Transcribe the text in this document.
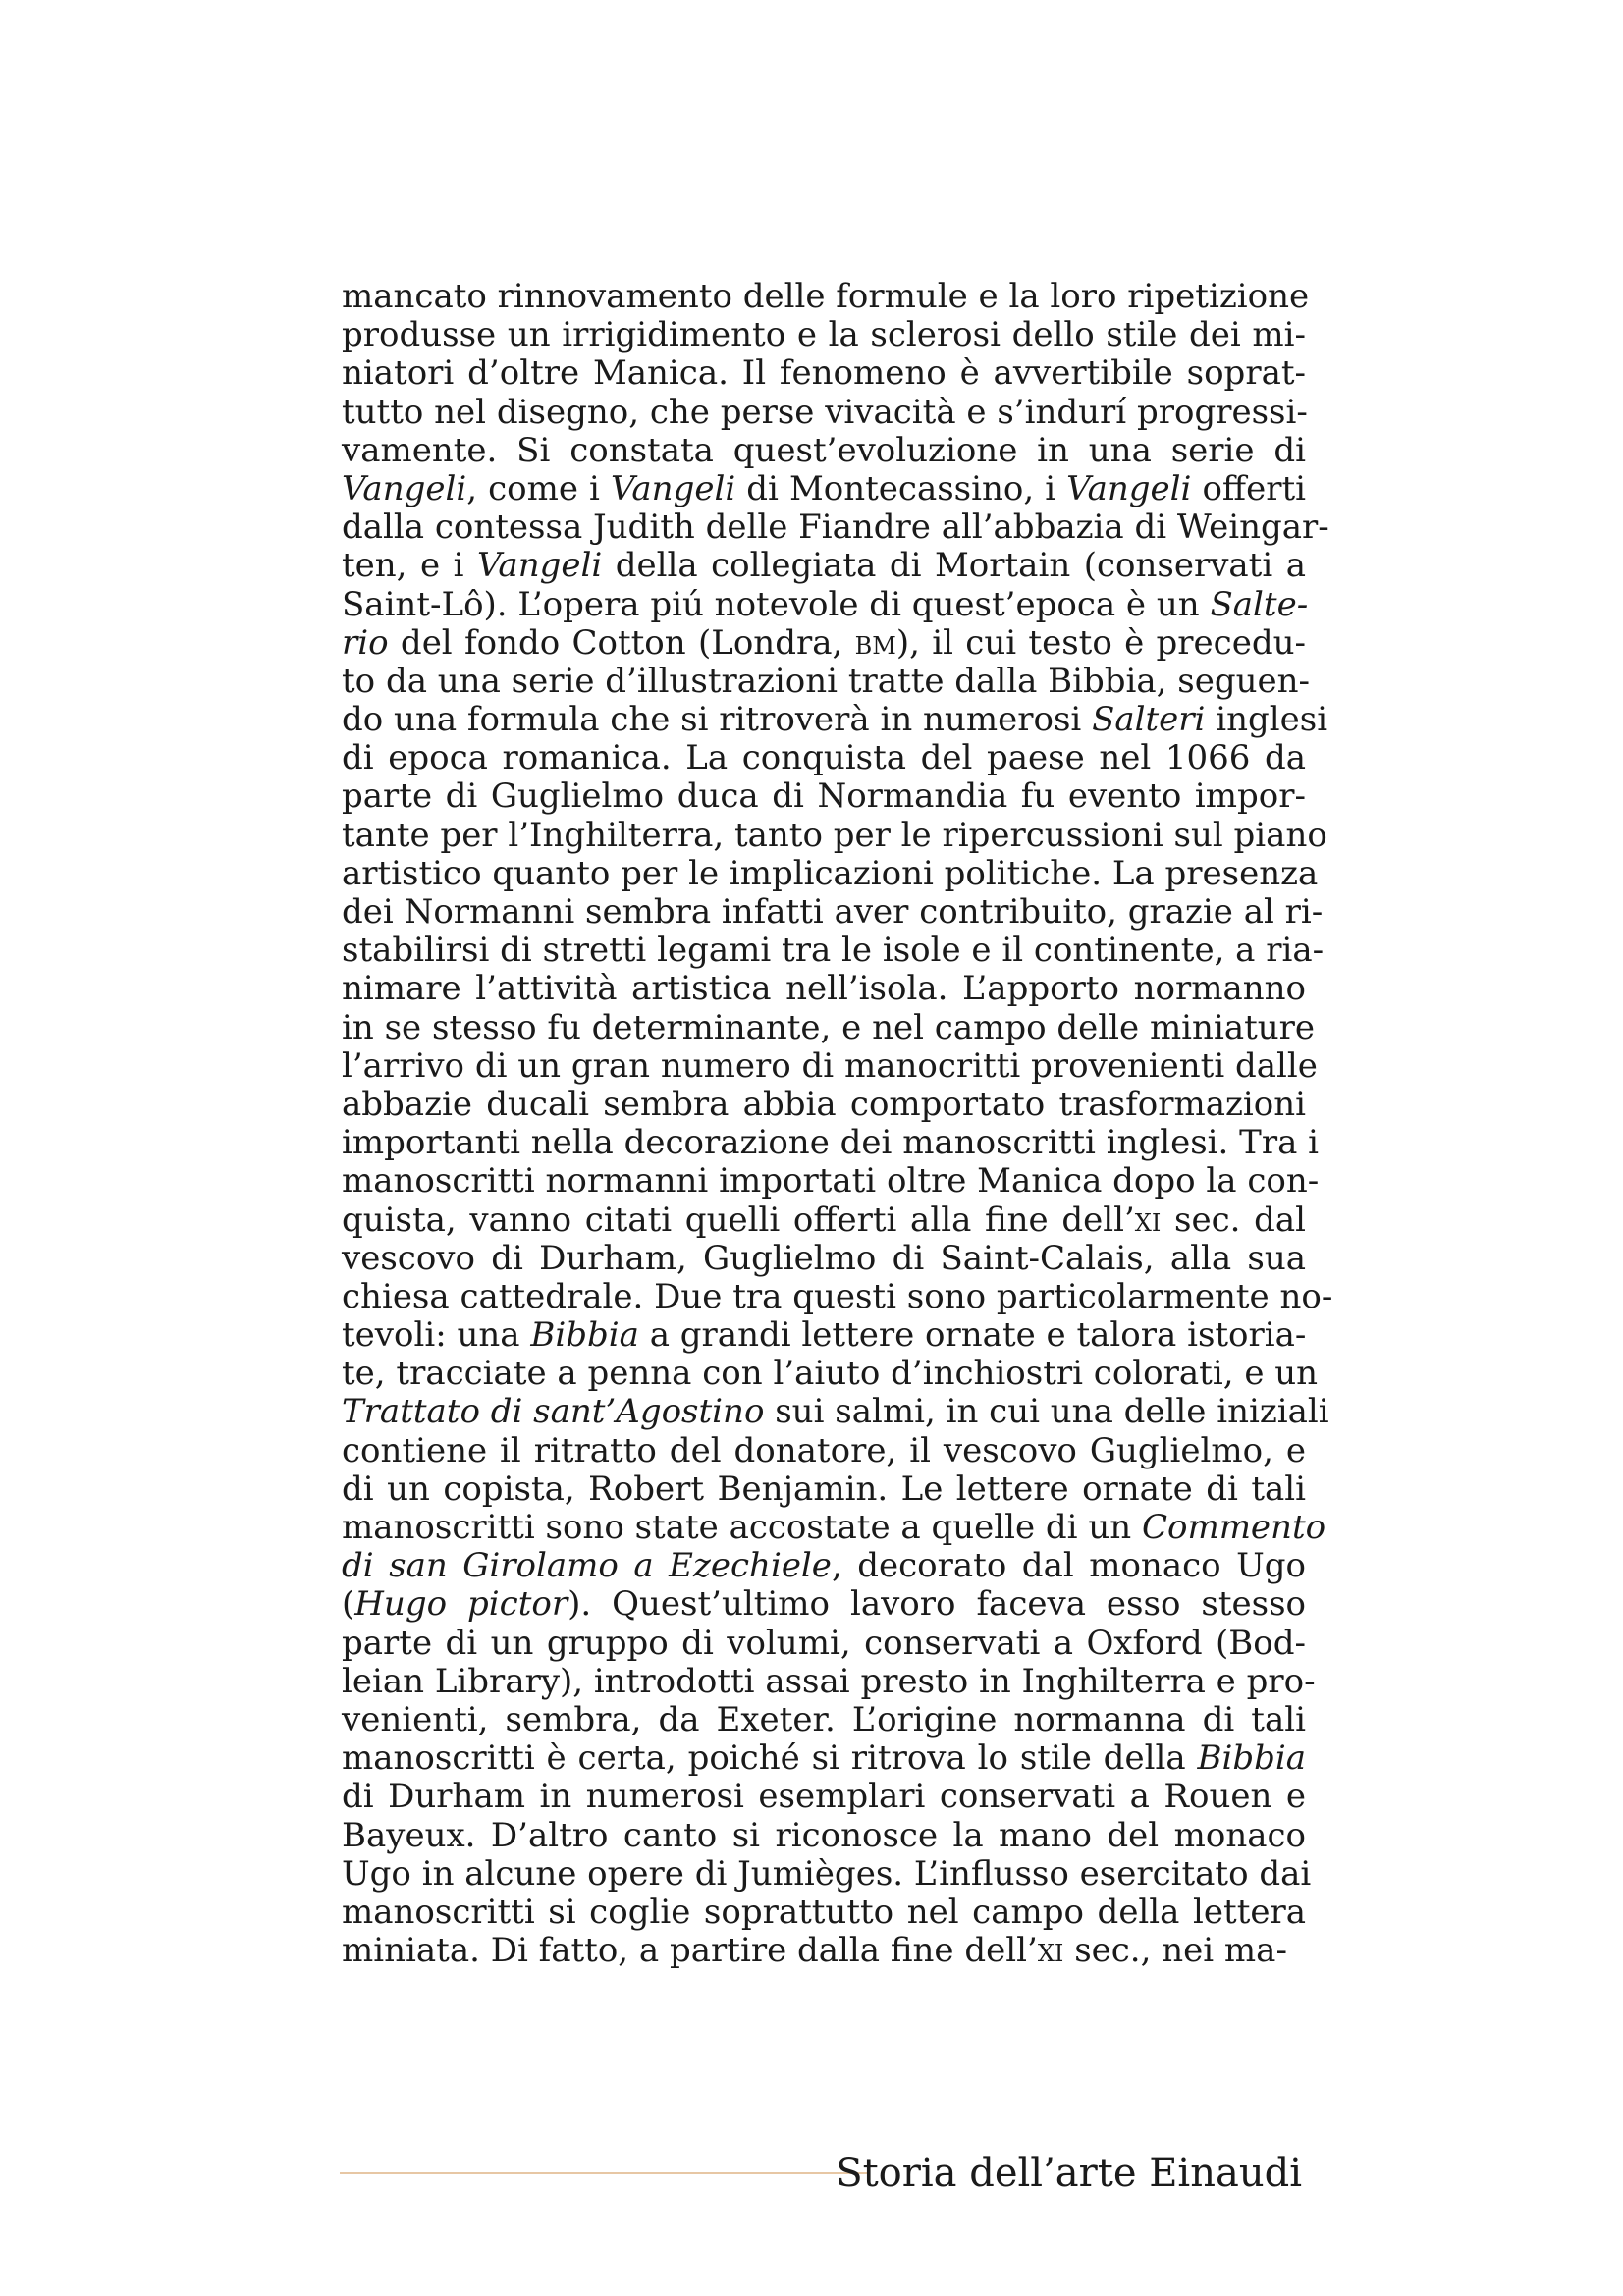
mancato rinnovamento delle formule e la loro ripetizione
produsse un irrigidimento e la sclerosi dello stile dei mi-
niatori d’oltre Manica. Il fenomeno è avvertibile soprat-
tutto nel disegno, che perse vivacità e s’indurí progressi-
vamente. Si constata quest’evoluzione in una serie di
Vangeli, come i Vangeli di Montecassino, i Vangeli offerti
dalla contessa Judith delle Fiandre all’abbazia di Weingar-
ten, e i Vangeli della collegiata di Mortain (conservati a
Saint-Lô). L’opera piú notevole di quest’epoca è un Salte-
rio del fondo Cotton (Londra, bm), il cui testo è precedu-
to da una serie d’illustrazioni tratte dalla Bibbia, seguen-
do una formula che si ritroverà in numerosi Salteri inglesi
di epoca romanica. La conquista del paese nel 1066 da
parte di Guglielmo duca di Normandia fu evento impor-
tante per l’Inghilterra, tanto per le ripercussioni sul piano
artistico quanto per le implicazioni politiche. La presenza
dei Normanni sembra infatti aver contribuito, grazie al ri-
stabilirsi di stretti legami tra le isole e il continente, a ria-
nimare l’attività artistica nell’isola. L’apporto normanno
in se stesso fu determinante, e nel campo delle miniature
l’arrivo di un gran numero di manocritti provenienti dalle
abbazie ducali sembra abbia comportato trasformazioni
importanti nella decorazione dei manoscritti inglesi. Tra i
manoscritti normanni importati oltre Manica dopo la con-
quista, vanno citati quelli offerti alla fine dell’xi sec. dal
vescovo di Durham, Guglielmo di Saint-Calais, alla sua
chiesa cattedrale. Due tra questi sono particolarmente no-
tevoli: una Bibbia a grandi lettere ornate e talora istoria-
te, tracciate a penna con l’aiuto d’inchiostri colorati, e un
Trattato di sant’Agostino sui salmi, in cui una delle iniziali
contiene il ritratto del donatore, il vescovo Guglielmo, e
di un copista, Robert Benjamin. Le lettere ornate di tali
manoscritti sono state accostate a quelle di un Commento
di san Girolamo a Ezechiele, decorato dal monaco Ugo
(Hugo pictor). Quest’ultimo lavoro faceva esso stesso
parte di un gruppo di volumi, conservati a Oxford (Bod-
leian Library), introdotti assai presto in Inghilterra e pro-
venienti, sembra, da Exeter. L’origine normanna di tali
manoscritti è certa, poiché si ritrova lo stile della Bibbia
di Durham in numerosi esemplari conservati a Rouen e
Bayeux. D’altro canto si riconosce la mano del monaco
Ugo in alcune opere di Jumièges. L’influsso esercitato dai
manoscritti si coglie soprattutto nel campo della lettera
miniata. Di fatto, a partire dalla fine dell’xi sec., nei ma-
Storia dell’arte Einaudi
